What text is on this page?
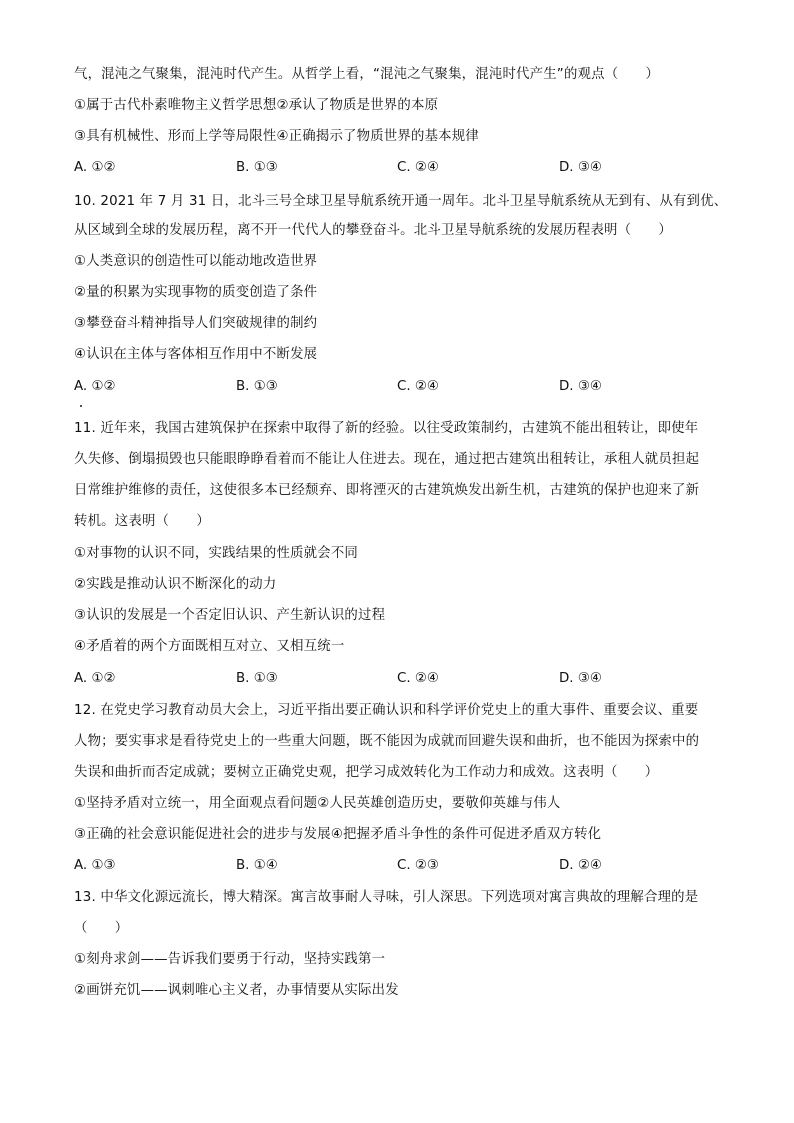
气，混沌之气聚集，混沌时代产生。从哲学上看，“混沌之气聚集，混沌时代产生”的观点（　　）
①属于古代朴素唯物主义哲学思想②承认了物质是世界的本原
③具有机械性、形而上学等局限性④正确揭示了物质世界的基本规律
A. ①②	B. ①③	C. ②④	D. ③④
10. 2021 年 7 月 31 日，北斗三号全球卫星导航系统开通一周年。北斗卫星导航系统从无到有、从有到优、
从区域到全球的发展历程，离不开一代代人的攀登奋斗。北斗卫星导航系统的发展历程表明（　　）
①人类意识的创造性可以能动地改造世界
②量的积累为实现事物的质变创造了条件
③攀登奋斗精神指导人们突破规律的制约
④认识在主体与客体相互作用中不断发展
A. ①②	B. ①③	C. ②④	D. ③④
11. 近年来，我国古建筑保护在探索中取得了新的经验。以往受政策制约，古建筑不能出租转让，即使年
久失修、倒塌损毁也只能眼睁睁看着而不能让人住进去。现在，通过把古建筑出租转让，承租人就员担起
日常维护维修的责任，这使很多本已经颓弃、即将湮灭的古建筑焕发出新生机，古建筑的保护也迎来了新
转机。这表明（　　）
①对事物的认识不同，实践结果的性质就会不同
②实践是推动认识不断深化的动力
③认识的发展是一个否定旧认识、产生新认识的过程
④矛盾着的两个方面既相互对立、又相互统一
A. ①②	B. ①③	C. ②④	D. ③④
12. 在党史学习教育动员大会上，习近平指出要正确认识和科学评价党史上的重大事件、重要会议、重要
人物；要实事求是看待党史上的一些重大问题，既不能因为成就而回避失误和曲折，也不能因为探索中的
失误和曲折而否定成就；要树立正确党史观，把学习成效转化为工作动力和成效。这表明（　　）
①坚持矛盾对立统一，用全面观点看问题②人民英雄创造历史，要敬仰英雄与伟人
③正确的社会意识能促进社会的进步与发展④把握矛盾斗争性的条件可促进矛盾双方转化
A. ①③	B. ①④	C. ②③	D. ②④
13. 中华文化源远流长，博大精深。寓言故事耐人寻味，引人深思。下列选项对寓言典故的理解合理的是
（　　）
①刻舟求剑——告诉我们要勇于行动，坚持实践第一
②画饼充饥——讽刺唯心主义者，办事情要从实际出发
